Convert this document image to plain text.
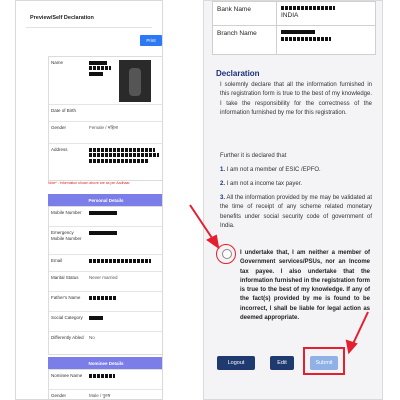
Preview/Self Declaration
Print
Name

Date of Birth
Gender	Female / महिला
Address

Note* : Information shown above are as per Aadhaar.
Personal Details
Mobile Number
Emergency Mobile Number
Email
Marital Status	Never married
Father's Name
Social Category
Differently Abled	No
Nominee Details
Nominee Name
Gender	Male / पुरुष
Bank Name

INDIA
Branch Name

Declaration
I solemnly declare that all the information furnished in this registration form is true to the best of my knowledge. I take the responsibility for the correctness of the information furnished by me for this registration.
Further it is declared that
1. I am not a member of ESIC /EPFO.
2. I am not a income tax payer.
3. All the information provided by me may be validated at the time of receipt of any scheme related monetary benefits under social security code of government of India.
I undertake that, I am neither a member of Government services/PSUs, nor an Income tax payee. I also undertake that the information furnished in the registration form is true to the best of my knowledge. If any of the fact(s) provided by me is found to be incorrect, I shall be liable for legal action as deemed appropriate.
Logout	Edit	Submit
